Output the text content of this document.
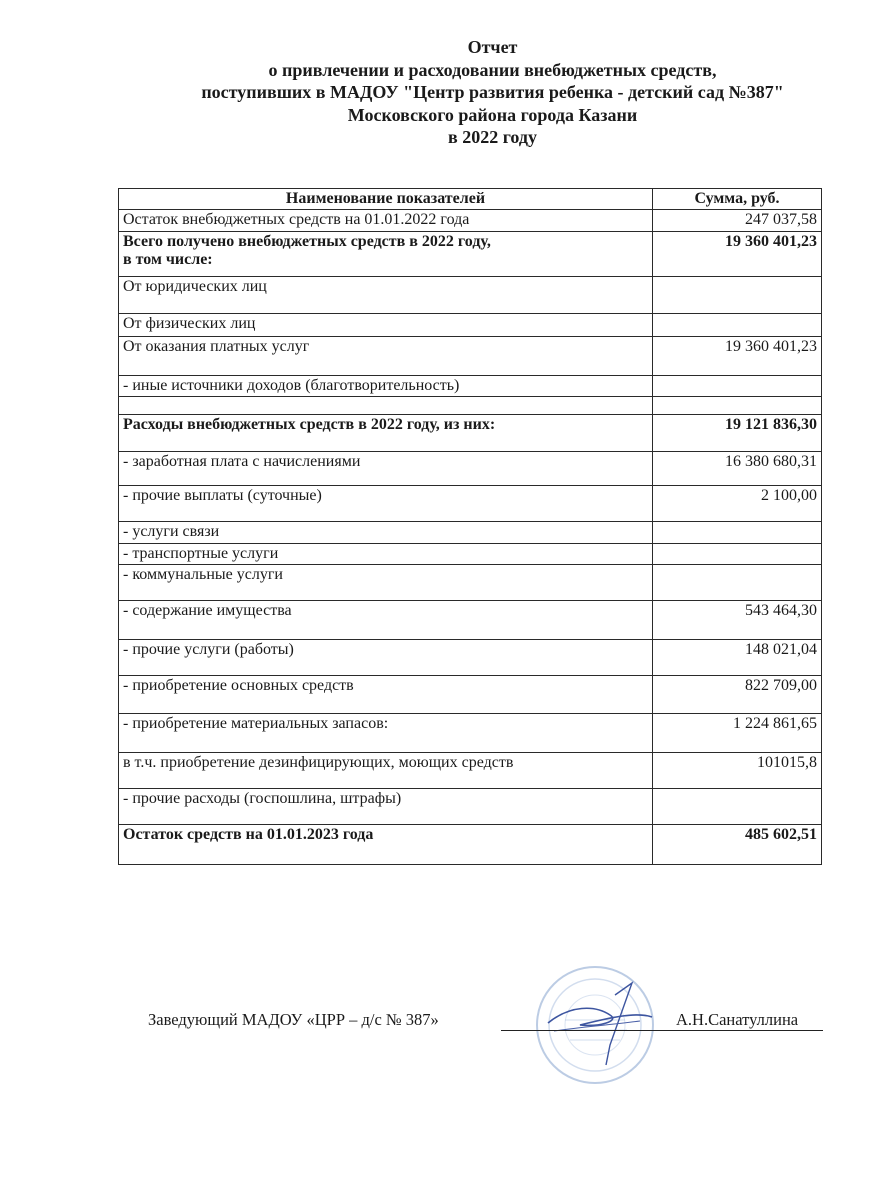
Отчет
о привлечении и расходовании внебюджетных средств,
поступивших в МАДОУ "Центр развития ребенка - детский сад №387"
Московского района города Казани
в 2022 году
Наименование показателей	Сумма, руб.
Остаток внебюджетных средств на 01.01.2022 года	247 037,58

Всего получено внебюджетных средств в 2022 году,
в том числе:	19 360 401,23
От юридических лиц	
От физических лиц	
От оказания платных услуг	19 360 401,23
- иные источники доходов (благотворительность)	

Расходы внебюджетных средств в 2022 году, из них:	19 121 836,30
- заработная плата с начислениями	16 380 680,31
- прочие выплаты (суточные)	2 100,00
- услуги связи	
- транспортные услуги	
- коммунальные услуги	
- содержание имущества	543 464,30
- прочие услуги (работы)	148 021,04
- приобретение основных средств	822 709,00
- приобретение материальных запасов:	1 224 861,65
в т.ч. приобретение дезинфицирующих, моющих средств	101015,8
- прочие расходы (госпошлина, штрафы)	
Остаток средств на 01.01.2023 года	485 602,51
Заведующий МАДОУ «ЦРР – д/с № 387»	А.Н.Санатуллина
